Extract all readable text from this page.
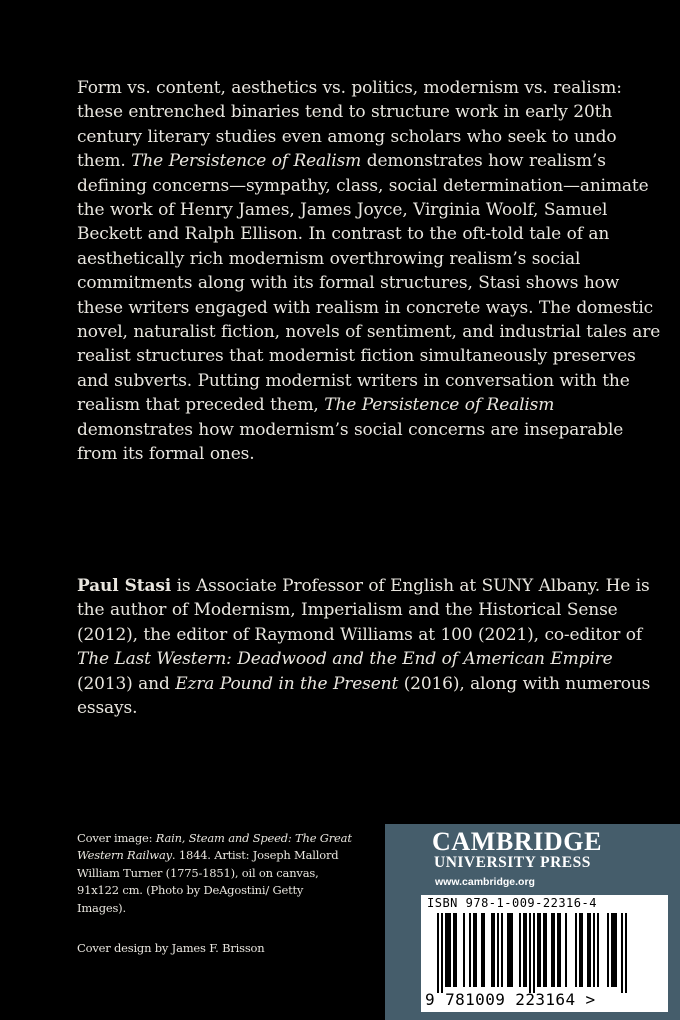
Form vs. content, aesthetics vs. politics, modernism vs. realism: these entrenched binaries tend to structure work in early 20th century literary studies even among scholars who seek to undo them. The Persistence of Realism demonstrates how realism’s defining concerns—sympathy, class, social determination—animate the work of Henry James, James Joyce, Virginia Woolf, Samuel Beckett and Ralph Ellison. In contrast to the oft-told tale of an aesthetically rich modernism overthrowing realism’s social commitments along with its formal structures, Stasi shows how these writers engaged with realism in concrete ways. The domestic novel, naturalist fiction, novels of sentiment, and industrial tales are realist structures that modernist fiction simultaneously preserves and subverts. Putting modernist writers in conversation with the realism that preceded them, The Persistence of Realism demonstrates how modernism’s social concerns are inseparable from its formal ones.
Paul Stasi is Associate Professor of English at SUNY Albany. He is the author of Modernism, Imperialism and the Historical Sense (2012), the editor of Raymond Williams at 100 (2021), co-editor of The Last Western: Deadwood and the End of American Empire (2013) and Ezra Pound in the Present (2016), along with numerous essays.
Cover image: Rain, Steam and Speed: The Great Western Railway. 1844. Artist: Joseph Mallord William Turner (1775-1851), oil on canvas, 91x122 cm. (Photo by DeAgostini/ Getty Images).
Cover design by James F. Brisson
CAMBRIDGE
UNIVERSITY PRESS
www.cambridge.org
ISBN 978-1-009-22316-4
9 781009 223164 >
